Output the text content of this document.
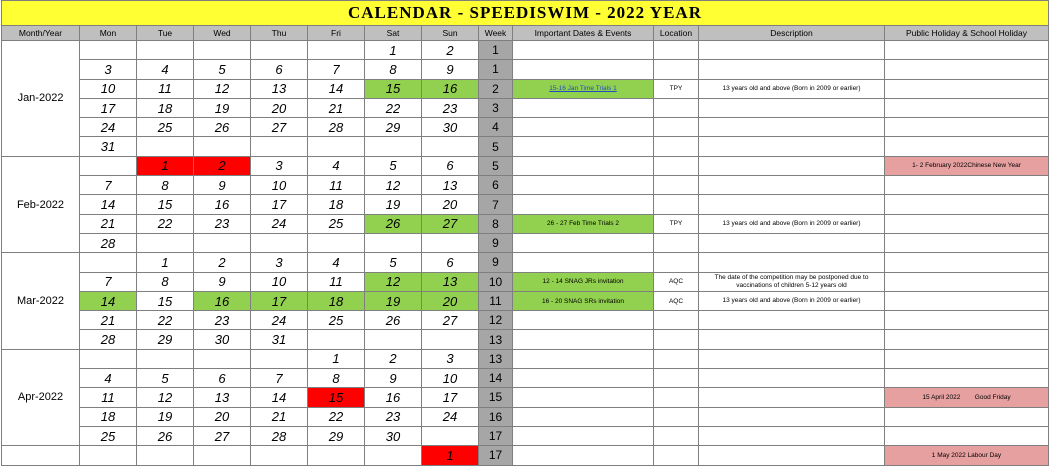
CALENDAR - SPEEDISWIM - 2022 YEAR												
Month/Year	Mon	Tue	Wed	Thu	Fri	Sat	Sun	Week	Important Dates & Events	Location	Description	Public Holiday & School Holiday
Jan-2022						1	2	1				
	3	4	5	6	7	8	9	1				
	10	11	12	13	14	15	16	2	15-16 Jan Time Trials 1	TPY	13 years old and above (Born in 2009 or earlier)	
	17	18	19	20	21	22	23	3				
	24	25	26	27	28	29	30	4				
	31							5				
Feb-2022		1	2	3	4	5	6	5				1- 2 February 2022Chinese New Year
	7	8	9	10	11	12	13	6				
	14	15	16	17	18	19	20	7				
	21	22	23	24	25	26	27	8	26 - 27 Feb Time Trials 2	TPY	13 years old and above (Born in 2009 or earlier)	
	28							9				
Mar-2022		1	2	3	4	5	6	9				
	7	8	9	10	11	12	13	10	12 - 14 SNAG JRs invitation	AQC	The date of the competition may be postponed due to vaccinations of children 5-12 years old	
	14	15	16	17	18	19	20	11	16 - 20 SNAG SRs invitation	AQC	13 years old and above (Born in 2009 or earlier)	
	21	22	23	24	25	26	27	12				
	28	29	30	31				13				
Apr-2022					1	2	3	13				
	4	5	6	7	8	9	10	14				
	11	12	13	14	15	16	17	15				15 April 2022        Good Friday
	18	19	20	21	22	23	24	16				
	25	26	27	28	29	30		17				
							1	17				1 May 2022 Labour Day
